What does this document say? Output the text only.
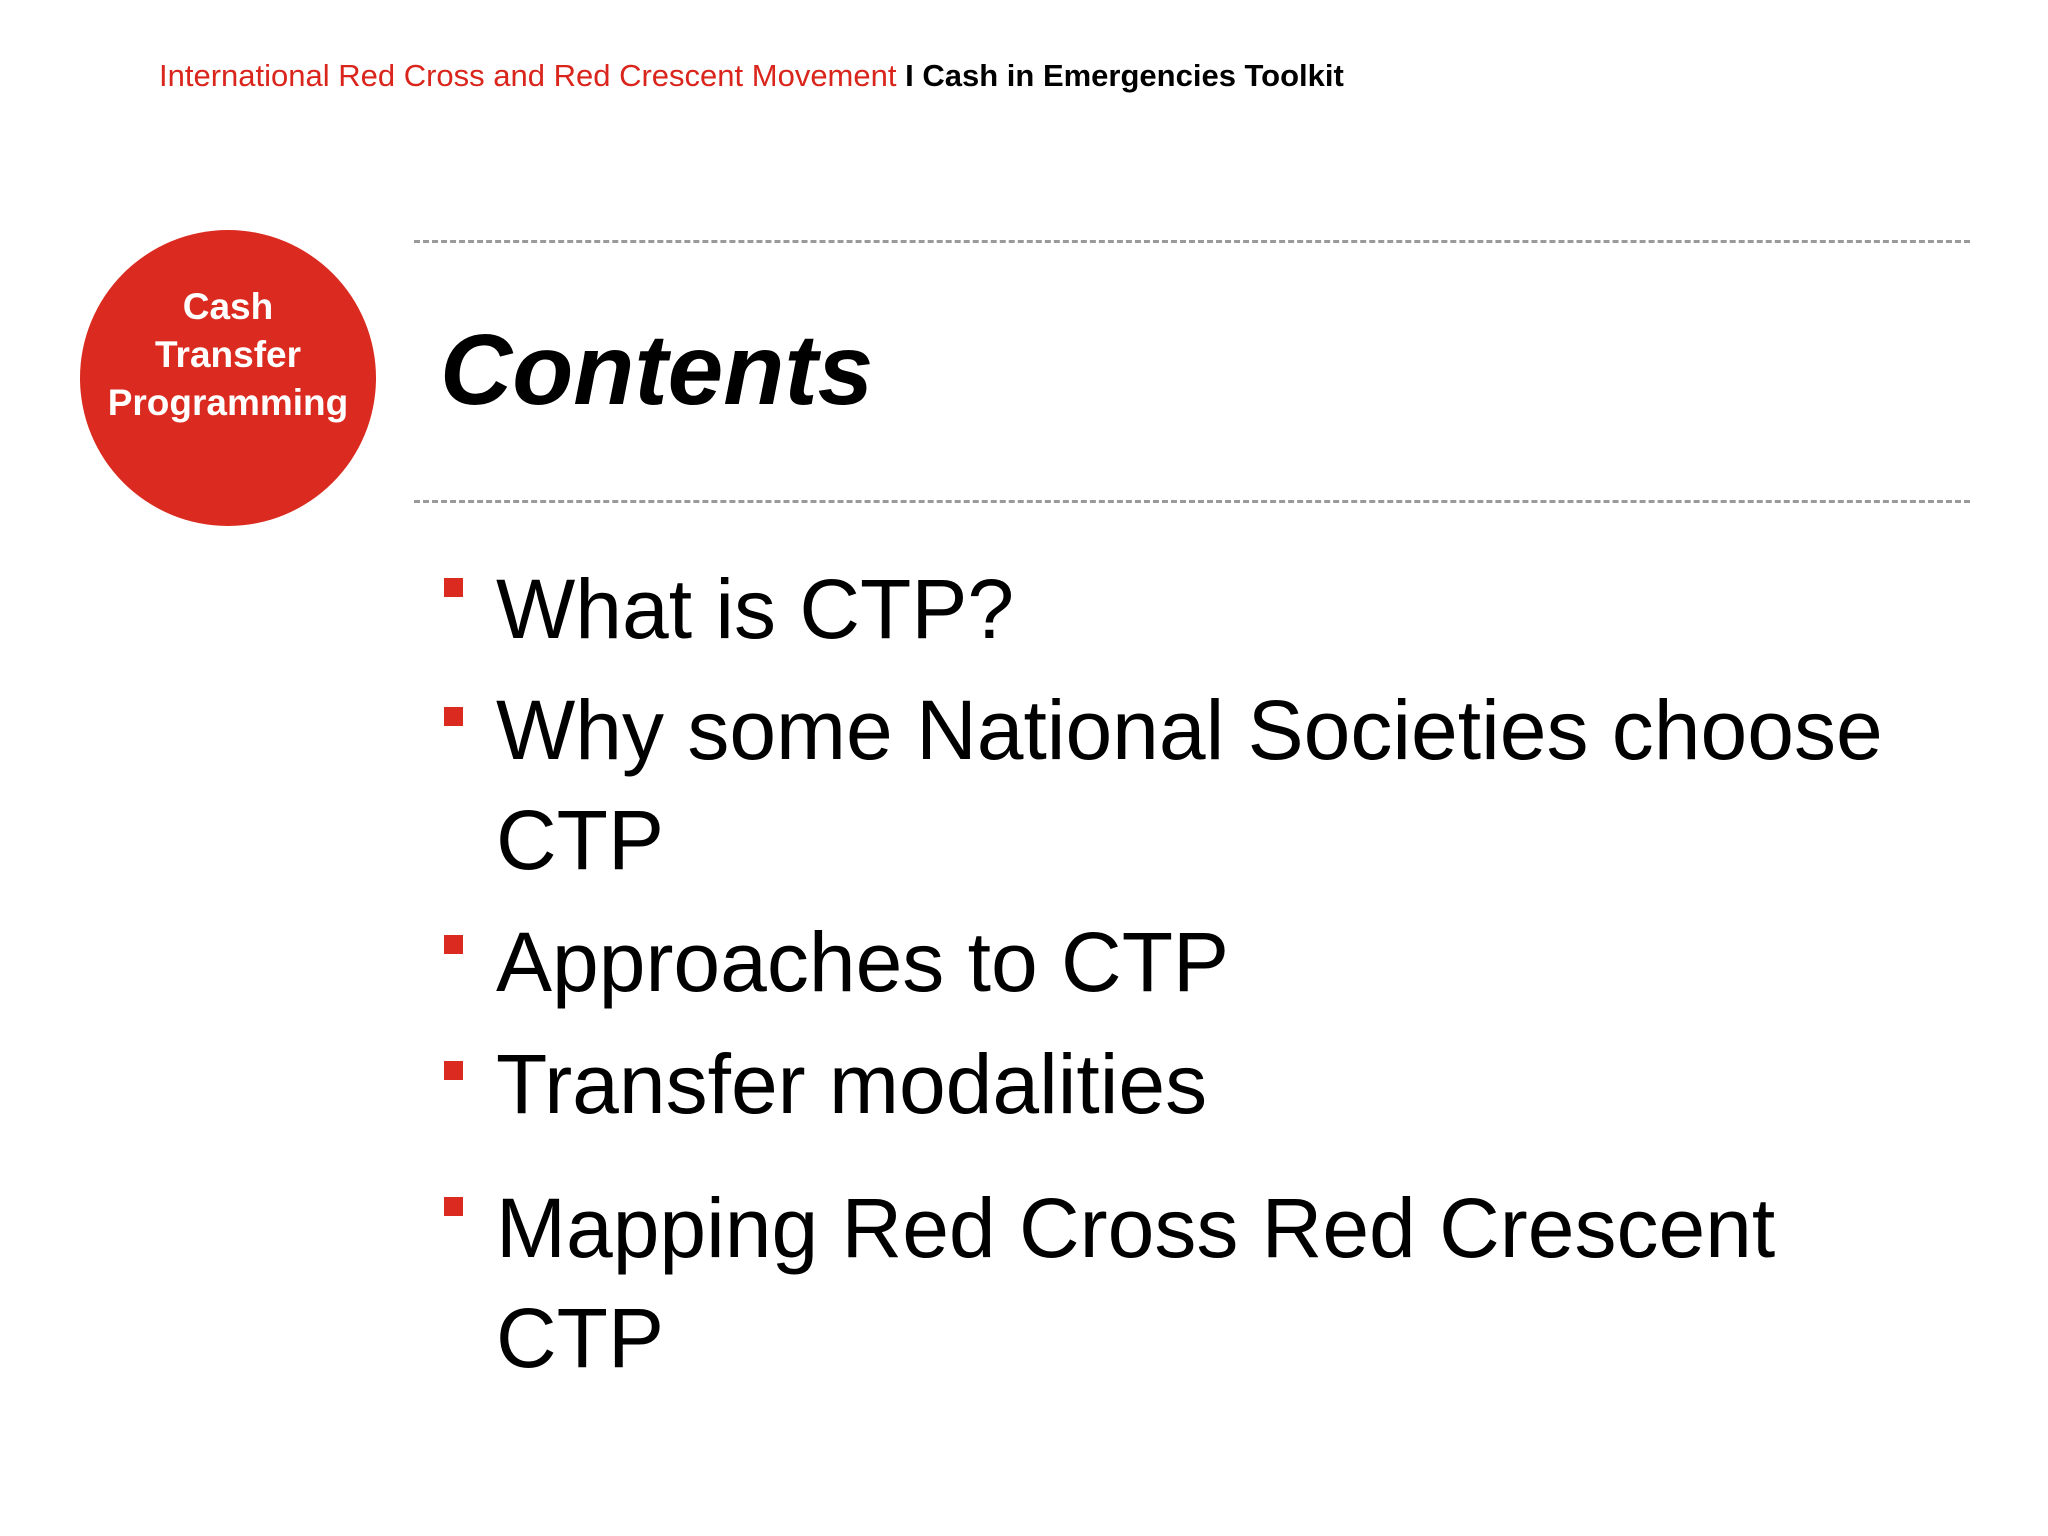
International Red Cross and Red Crescent Movement I Cash in Emergencies Toolkit
Cash
Transfer
Programming Contents
What is CTP?
Why some National Societies choose CTP
Approaches to CTP
Transfer modalities
Mapping Red Cross Red Crescent CTP
